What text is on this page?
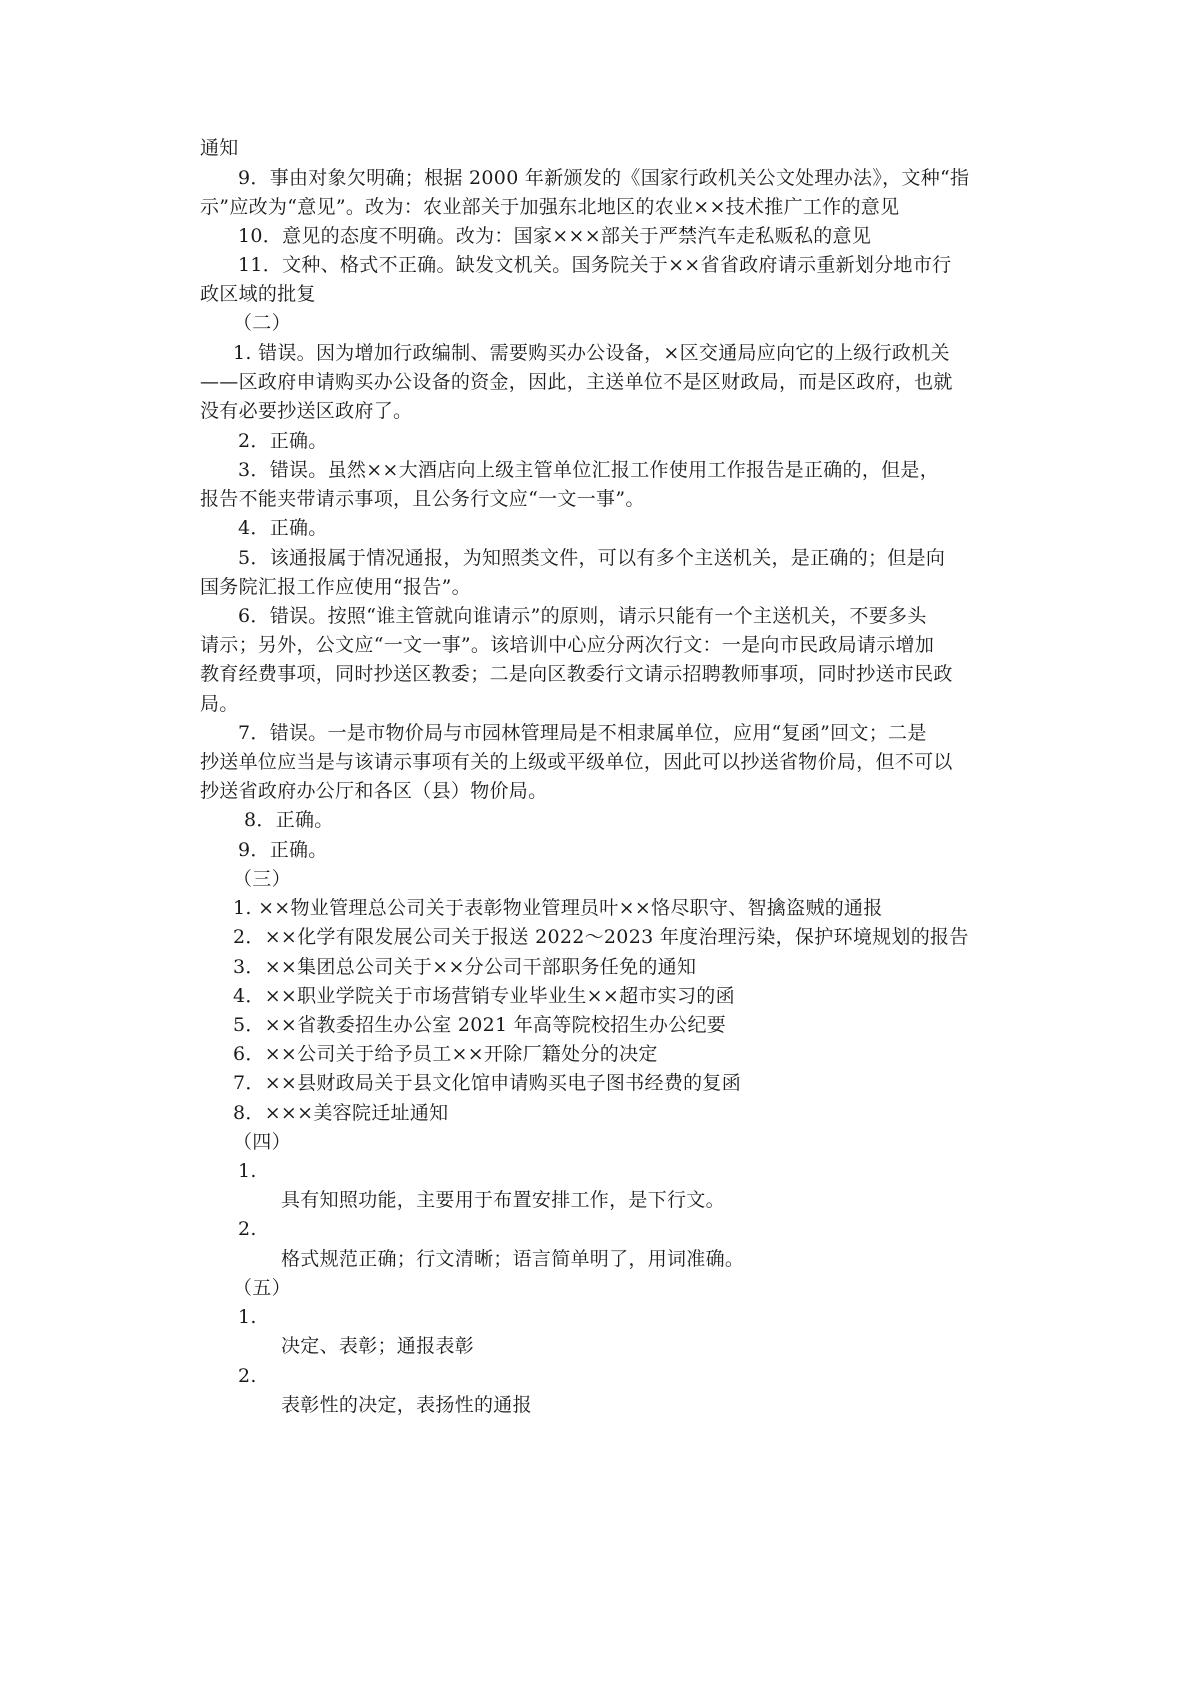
通知
9．事由对象欠明确；根据 2000 年新颁发的《国家行政机关公文处理办法》，文种“指
示”应改为“意见”。改为：农业部关于加强东北地区的农业××技术推广工作的意见
10．意见的态度不明确。改为：国家×××部关于严禁汽车走私贩私的意见
11．文种、格式不正确。缺发文机关。国务院关于××省省政府请示重新划分地市行
政区域的批复
（二）
1. 错误。因为增加行政编制、需要购买办公设备，×区交通局应向它的上级行政机关
——区政府申请购买办公设备的资金，因此，主送单位不是区财政局，而是区政府，也就
没有必要抄送区政府了。
2．正确。
3．错误。虽然××大酒店向上级主管单位汇报工作使用工作报告是正确的，但是，
报告不能夹带请示事项，且公务行文应“一文一事”。
4．正确。
5．该通报属于情况通报，为知照类文件，可以有多个主送机关，是正确的；但是向
国务院汇报工作应使用“报告”。
6．错误。按照“谁主管就向谁请示”的原则，请示只能有一个主送机关，不要多头
请示；另外，公文应“一文一事”。该培训中心应分两次行文：一是向市民政局请示增加
教育经费事项，同时抄送区教委；二是向区教委行文请示招聘教师事项，同时抄送市民政
局。
7．错误。一是市物价局与市园林管理局是不相隶属单位，应用“复函”回文；二是
抄送单位应当是与该请示事项有关的上级或平级单位，因此可以抄送省物价局，但不可以
抄送省政府办公厅和各区（县）物价局。
8．正确。
9．正确。
（三）
1. ××物业管理总公司关于表彰物业管理员叶××恪尽职守、智擒盗贼的通报
2．××化学有限发展公司关于报送 2022～2023 年度治理污染，保护环境规划的报告
3．××集团总公司关于××分公司干部职务任免的通知
4．××职业学院关于市场营销专业毕业生××超市实习的函
5．××省教委招生办公室 2021 年高等院校招生办公纪要
6．××公司关于给予员工××开除厂籍处分的决定
7．××县财政局关于县文化馆申请购买电子图书经费的复函
8．×××美容院迁址通知
（四）
1.
具有知照功能，主要用于布置安排工作，是下行文。
2.
格式规范正确；行文清晰；语言简单明了，用词准确。
（五）
1.
决定、表彰；通报表彰
2.
表彰性的决定，表扬性的通报
